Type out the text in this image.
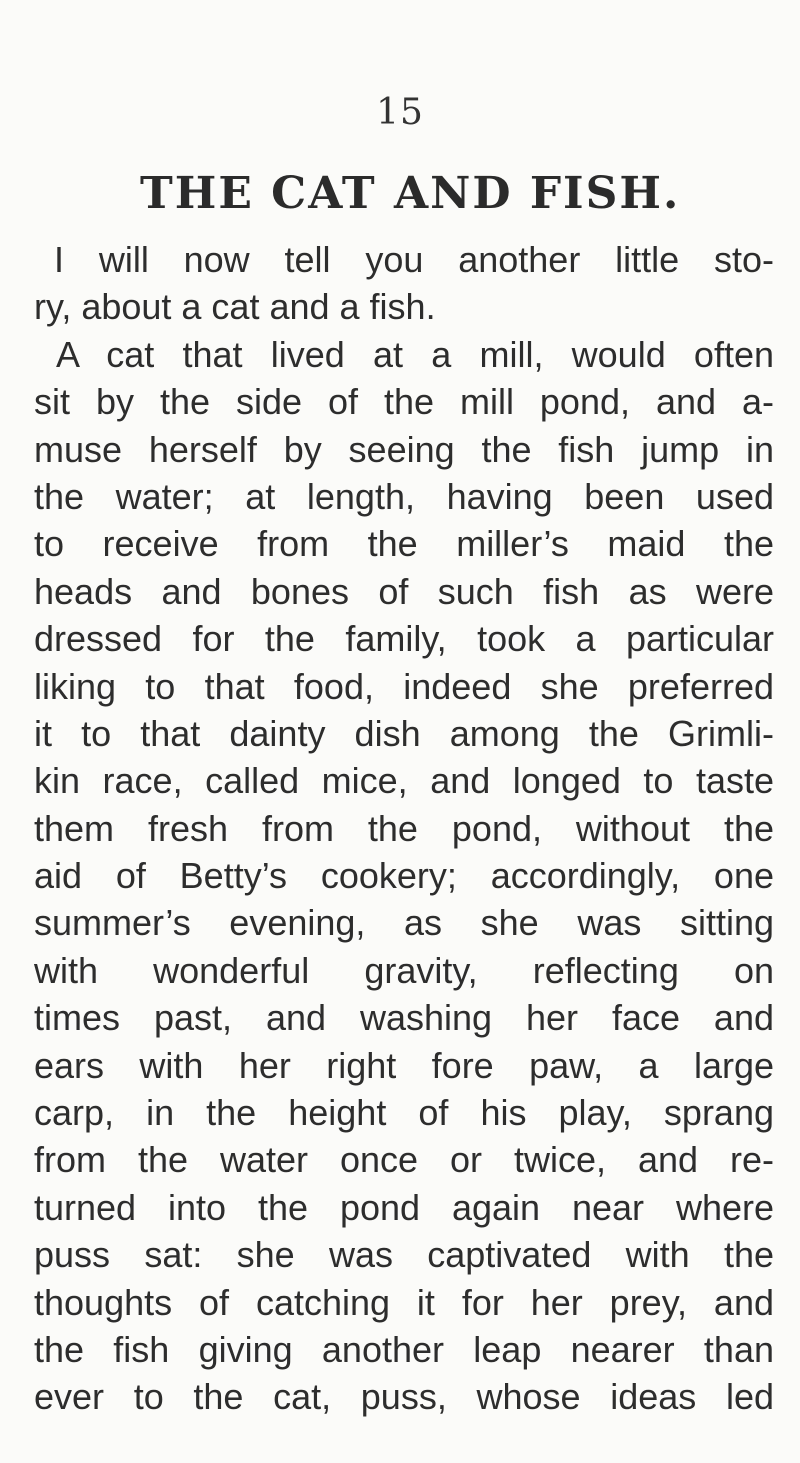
15
THE CAT AND FISH.
I will now tell you another little sto-
ry, about a cat and a fish.
A cat that lived at a mill, would often
sit by the side of the mill pond, and a-
muse herself by seeing the fish jump in
the water; at length, having been used
to receive from the miller’s maid the
heads and bones of such fish as were
dressed for the family, took a particular
liking to that food, indeed she preferred
it to that dainty dish among the Grimli-
kin race, called mice, and longed to taste
them fresh from the pond, without the
aid of Betty’s cookery; accordingly, one
summer’s evening, as she was sitting
with wonderful gravity, reflecting on
times past, and washing her face and
ears with her right fore paw, a large
carp, in the height of his play, sprang
from the water once or twice, and re-
turned into the pond again near where
puss sat: she was captivated with the
thoughts of catching it for her prey, and
the fish giving another leap nearer than
ever to the cat, puss, whose ideas led
